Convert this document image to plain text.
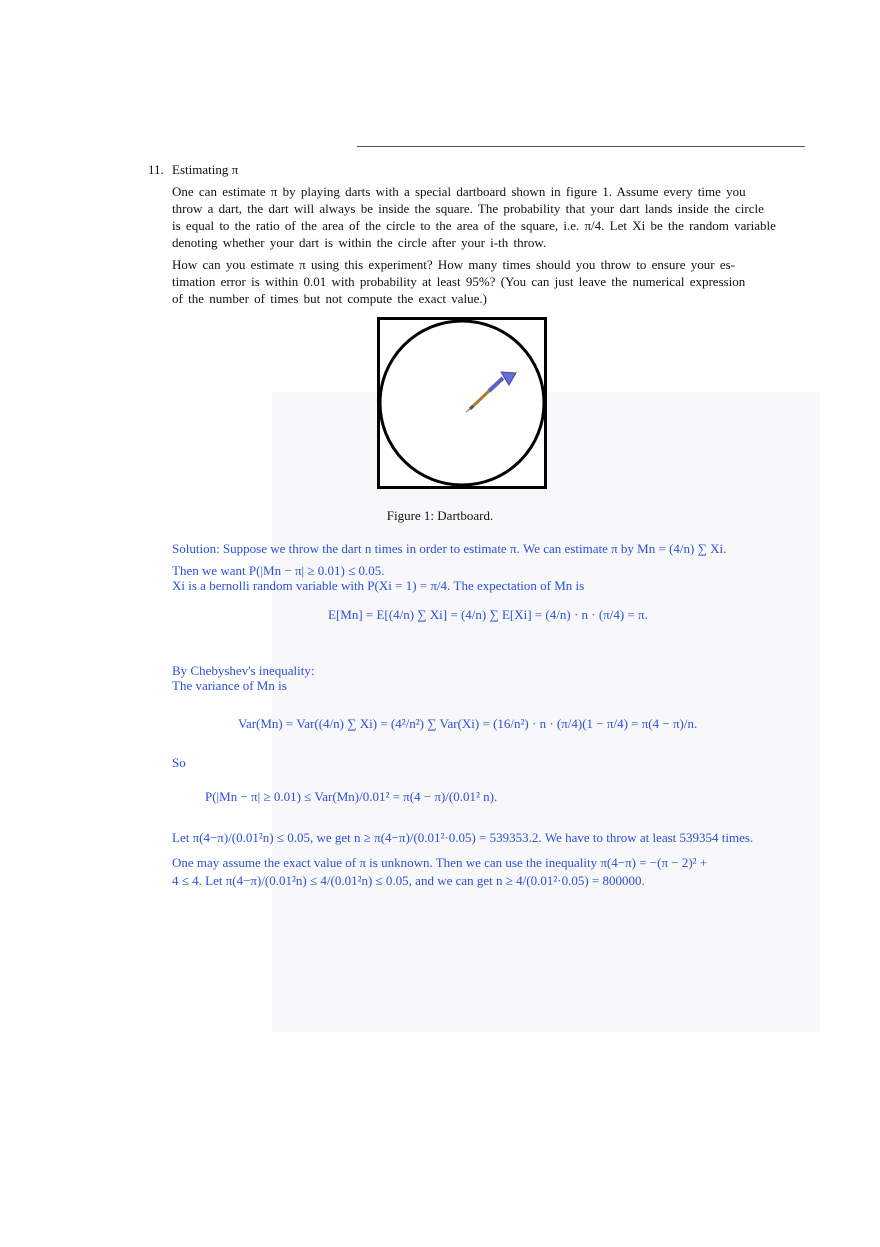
11. Estimating π

One can estimate π by playing darts with a special dartboard shown in figure 1. Assume every time you

throw a dart, the dart will always be inside the square. The probability that your dart lands inside the circle

is equal to the ratio of the area of the circle to the area of the square, i.e. π/4. Let Xi be the random variable

denoting whether your dart is within the circle after your i-th throw.

How can you estimate π using this experiment? How many times should you throw to ensure your es-

timation error is within 0.01 with probability at least 95%? (You can just leave the numerical expression

of the number of times but not compute the exact value.)

Figure 1: Dartboard.
Solution: Suppose we throw the dart n times in order to estimate π. We can estimate π by Mn = (4/n) ∑ Xi.
Then we want P(|Mn − π| ≥ 0.01) ≤ 0.05.
Xi is a bernolli random variable with P(Xi = 1) = π/4. The expectation of Mn is
E[Mn] = E[(4/n) ∑ Xi] = (4/n) ∑ E[Xi] = (4/n) · n · (π/4) = π.
By Chebyshev's inequality:
The variance of Mn is
Var(Mn) = Var((4/n) ∑ Xi) = (4²/n²) ∑ Var(Xi) = (16/n²) · n · (π/4)(1 − π/4) = π(4 − π)/n.
So
P(|Mn − π| ≥ 0.01) ≤ Var(Mn)/0.01² = π(4 − π)/(0.01² n).
Let π(4−π)/(0.01²n) ≤ 0.05, we get n ≥ π(4−π)/(0.01²·0.05) = 539353.2. We have to throw at least 539354 times.
One may assume the exact value of π is unknown. Then we can use the inequality π(4−π) = −(π − 2)² +
4 ≤ 4. Let π(4−π)/(0.01²n) ≤ 4/(0.01²n) ≤ 0.05, and we can get n ≥ 4/(0.01²·0.05) = 800000.
